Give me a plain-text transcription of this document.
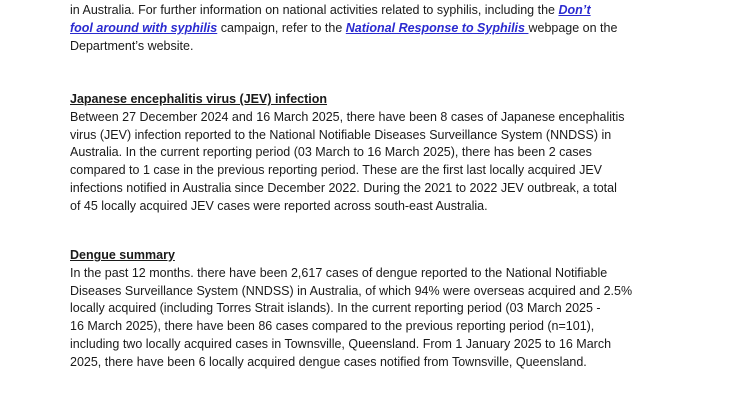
in Australia. For further information on national activities related to syphilis, including the Don’t
fool around with syphilis campaign, refer to the National Response to Syphilis webpage on the
Department’s website.
Japanese encephalitis virus (JEV) infection
Between 27 December 2024 and 16 March 2025, there have been 8 cases of Japanese encephalitis
virus (JEV) infection reported to the National Notifiable Diseases Surveillance System (NNDSS) in
Australia. In the current reporting period (03 March to 16 March 2025), there has been 2 cases
compared to 1 case in the previous reporting period. These are the first last locally acquired JEV
infections notified in Australia since December 2022. During the 2021 to 2022 JEV outbreak, a total
of 45 locally acquired JEV cases were reported across south-east Australia.
Dengue summary
In the past 12 months. there have been 2,617 cases of dengue reported to the National Notifiable
Diseases Surveillance System (NNDSS) in Australia, of which 94% were overseas acquired and 2.5%
locally acquired (including Torres Strait islands). In the current reporting period (03 March 2025 -
16 March 2025), there have been 86 cases compared to the previous reporting period (n=101),
including two locally acquired cases in Townsville, Queensland. From 1 January 2025 to 16 March
2025, there have been 6 locally acquired dengue cases notified from Townsville, Queensland.
